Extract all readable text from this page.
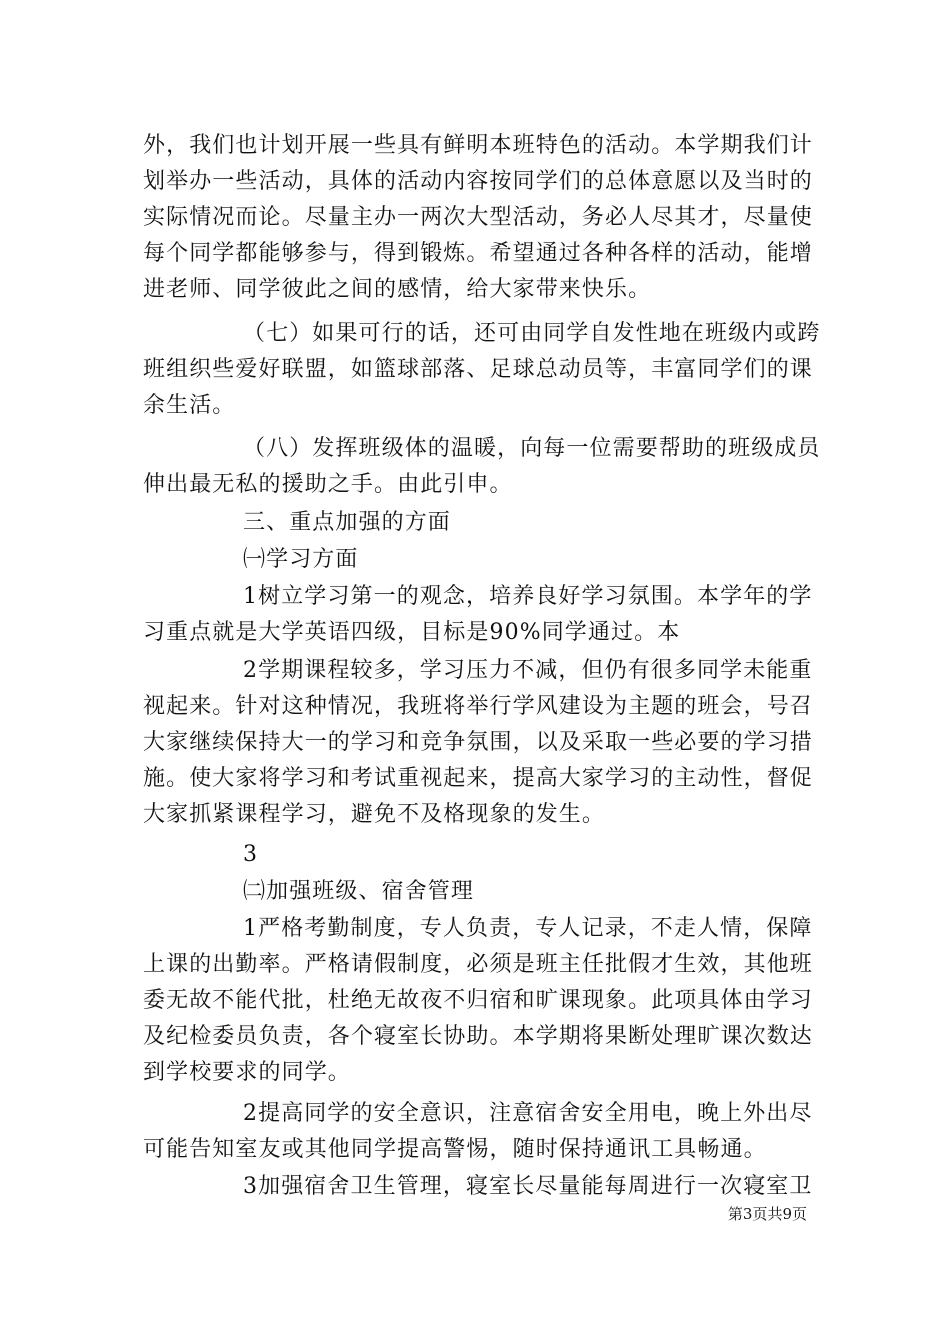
外，我们也计划开展一些具有鲜明本班特色的活动。本学期我们计
划举办一些活动，具体的活动内容按同学们的总体意愿以及当时的
实际情况而论。尽量主办一两次大型活动，务必人尽其才，尽量使
每个同学都能够参与，得到锻炼。希望通过各种各样的活动，能增
进老师、同学彼此之间的感情，给大家带来快乐。
（七）如果可行的话，还可由同学自发性地在班级内或跨
班组织些爱好联盟，如篮球部落、足球总动员等，丰富同学们的课
余生活。
（八）发挥班级体的温暖，向每一位需要帮助的班级成员
伸出最无私的援助之手。由此引申。
三、重点加强的方面
㈠学习方面
1树立学习第一的观念，培养良好学习氛围。本学年的学
习重点就是大学英语四级，目标是90%同学通过。本
2学期课程较多，学习压力不减，但仍有很多同学未能重
视起来。针对这种情况，我班将举行学风建设为主题的班会，号召
大家继续保持大一的学习和竞争氛围，以及采取一些必要的学习措
施。使大家将学习和考试重视起来，提高大家学习的主动性，督促
大家抓紧课程学习，避免不及格现象的发生。
3
㈡加强班级、宿舍管理
1严格考勤制度，专人负责，专人记录，不走人情，保障
上课的出勤率。严格请假制度，必须是班主任批假才生效，其他班
委无故不能代批，杜绝无故夜不归宿和旷课现象。此项具体由学习
及纪检委员负责，各个寝室长协助。本学期将果断处理旷课次数达
到学校要求的同学。
2提高同学的安全意识，注意宿舍安全用电，晚上外出尽
可能告知室友或其他同学提高警惕，随时保持通讯工具畅通。
3加强宿舍卫生管理，寝室长尽量能每周进行一次寝室卫
第3页共9页
